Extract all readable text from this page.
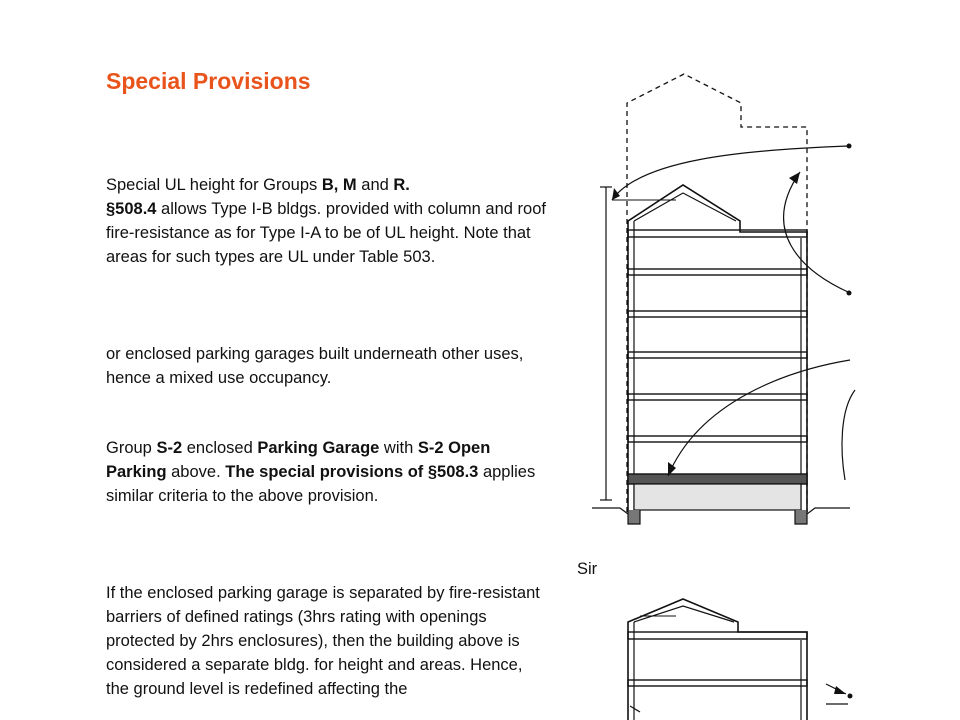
Special Provisions

Special UL height for Groups B, M and R.
§508.4 allows Type I-B bldgs. provided with column and roof fire-resistance as for Type I-A to be of UL height. Note that areas for such types are UL under Table 503.

or enclosed parking garages built underneath other uses, hence a mixed use occupancy.

Group S-2 enclosed Parking Garage with S-2 Open Parking above. The special provisions of §508.3 applies similar criteria to the above provision.

If the enclosed parking garage is separated by fire-resistant barriers of defined ratings (3hrs rating with openings protected by 2hrs enclosures), then the building above is considered a separate bldg. for height and areas. Hence, the ground level is redefined affecting the

Sir
